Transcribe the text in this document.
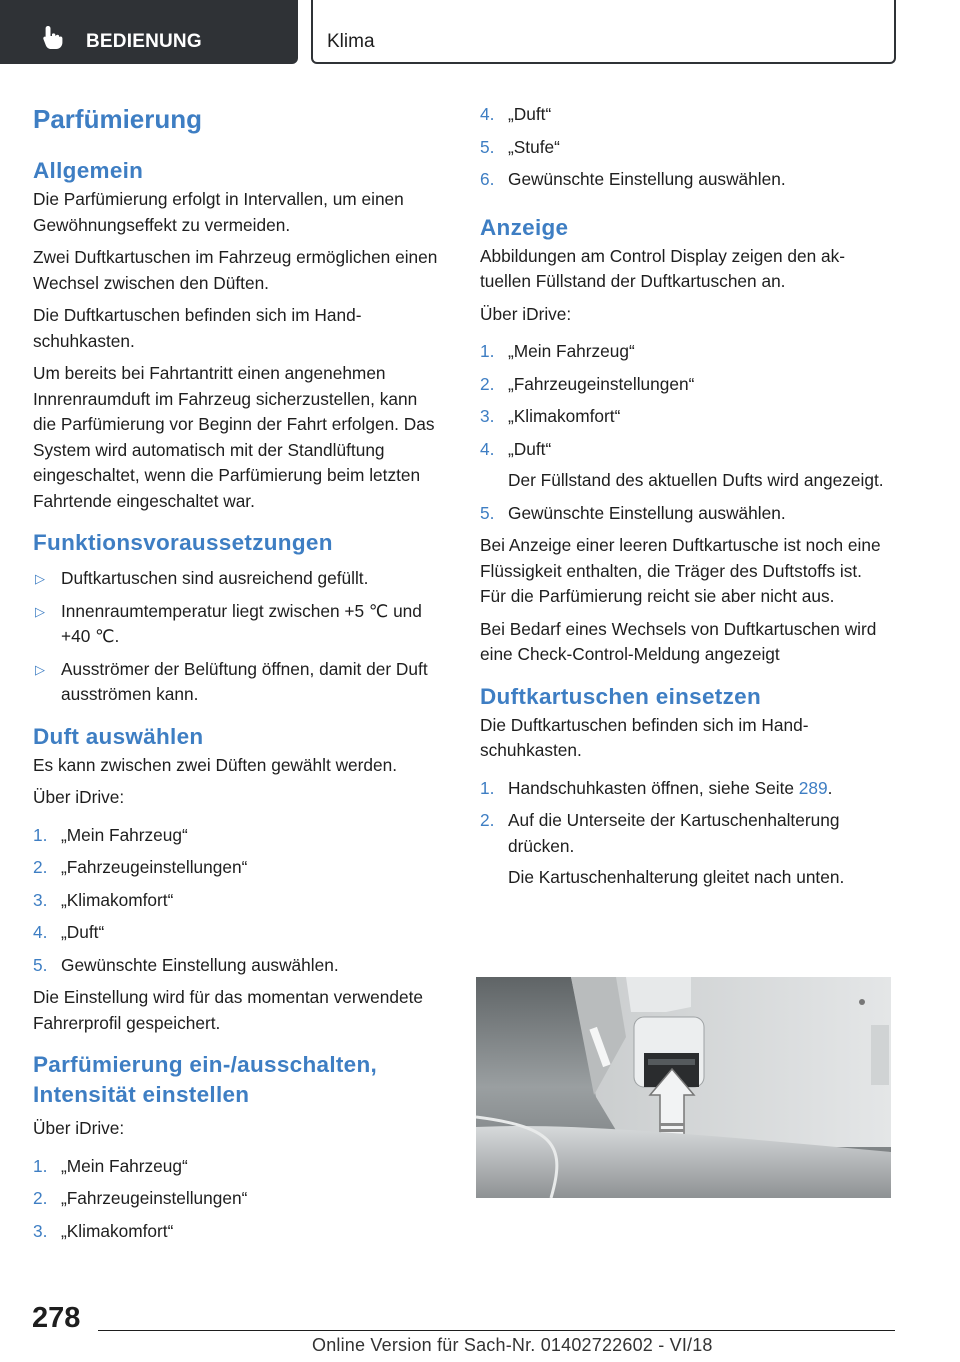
BEDIENUNG	Klima
Parfümierung
Allgemein

Die Parfümierung erfolgt in Intervallen, um einen Gewöhnungseffekt zu vermeiden.

Zwei Duftkartuschen im Fahrzeug ermöglichen einen Wechsel zwischen den Düften.

Die Duftkartuschen befinden sich im Handschuhkasten.

Um bereits bei Fahrtantritt einen angenehmen Innrenraumduft im Fahrzeug sicherzustellen, kann die Parfümierung vor Beginn der Fahrt erfolgen. Das System wird automatisch mit der Standlüftung eingeschaltet, wenn die Parfümierung beim letzten Fahrtende eingeschaltet war.

Funktionsvoraussetzungen
▷ Duftkartuschen sind ausreichend gefüllt.
▷ Innenraumtemperatur liegt zwischen +5 ℃ und +40 ℃.
▷ Ausströmer der Belüftung öffnen, damit der Duft ausströmen kann.
Duft auswählen

Es kann zwischen zwei Düften gewählt werden.

Über iDrive:

1. „Mein Fahrzeug“
2. „Fahrzeugeinstellungen“
3. „Klimakomfort“
4. „Duft“
5. Gewünschte Einstellung auswählen.

Die Einstellung wird für das momentan verwendete Fahrerprofil gespeichert.

Parfümierung ein-/ausschalten, Intensität einstellen

Über iDrive:

1. „Mein Fahrzeug“
2. „Fahrzeugeinstellungen“
3. „Klimakomfort“
4. „Duft“
5. „Stufe“
6. Gewünschte Einstellung auswählen.
Anzeige

Abbildungen am Control Display zeigen den aktuellen Füllstand der Duftkartuschen an.

Über iDrive:

1. „Mein Fahrzeug“
2. „Fahrzeugeinstellungen“
3. „Klimakomfort“
4. „Duft“
Der Füllstand des aktuellen Dufts wird angezeigt.
5. Gewünschte Einstellung auswählen.

Bei Anzeige einer leeren Duftkartusche ist noch eine Flüssigkeit enthalten, die Träger des Duftstoffs ist. Für die Parfümierung reicht sie aber nicht aus.

Bei Bedarf eines Wechsels von Duftkartuschen wird eine Check-Control-Meldung angezeigt

Duftkartuschen einsetzen

Die Duftkartuschen befinden sich im Handschuhkasten.

1. Handschuhkasten öffnen, siehe Seite 289.
2. Auf die Unterseite der Kartuschenhalterung drücken.
Die Kartuschenhalterung gleitet nach unten.
278
Online Version für Sach-Nr. 01402722602 - VI/18
